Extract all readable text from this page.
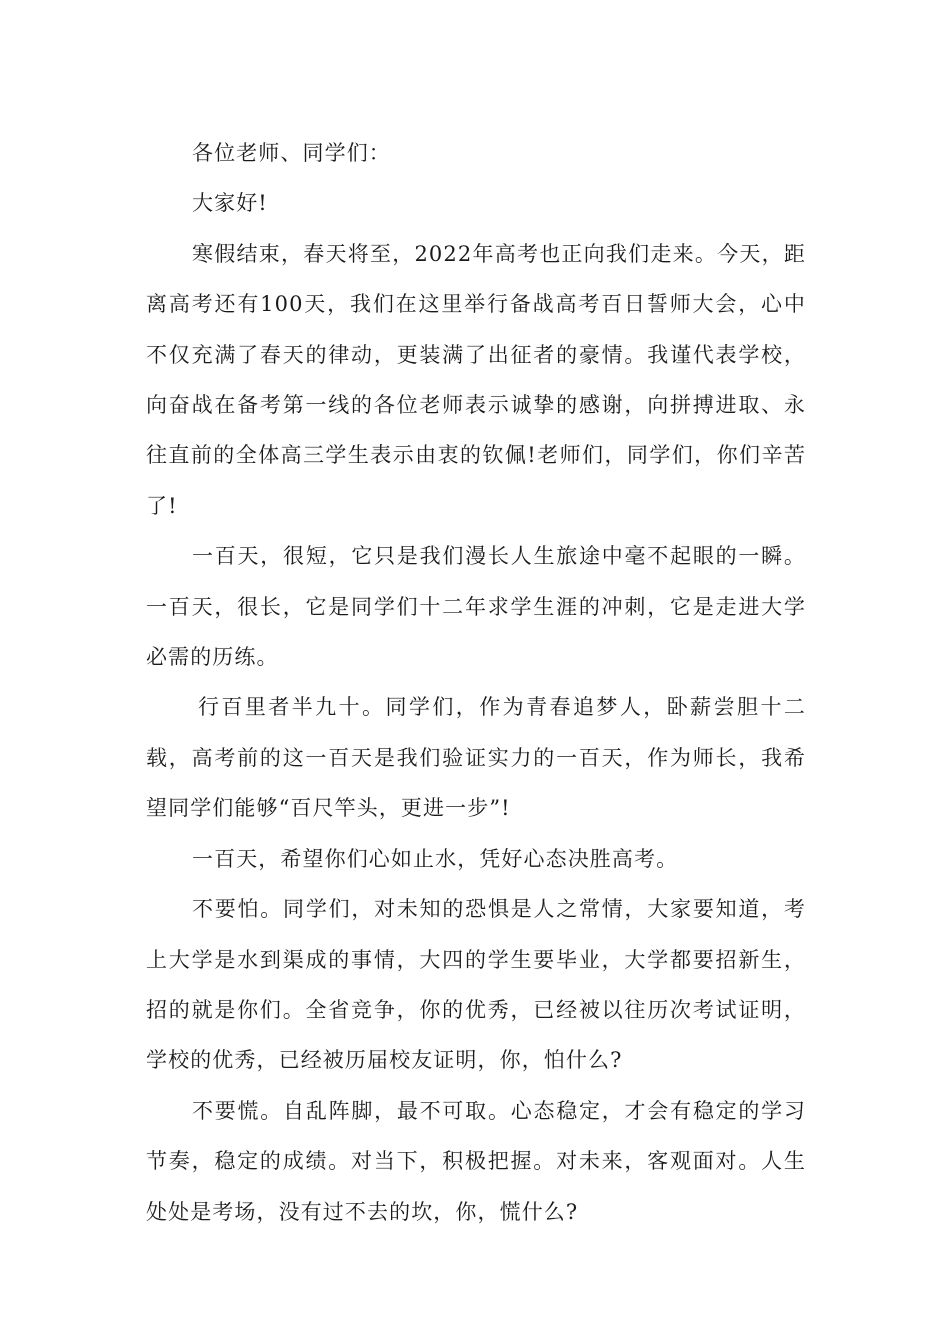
各位老师、同学们：

大家好!

寒假结束，春天将至，2022年高考也正向我们走来。今天，距离高考还有100天，我们在这里举行备战高考百日誓师大会，心中不仅充满了春天的律动，更装满了出征者的豪情。我谨代表学校，向奋战在备考第一线的各位老师表示诚挚的感谢，向拼搏进取、永往直前的全体高三学生表示由衷的钦佩!老师们，同学们，你们辛苦了!

一百天，很短，它只是我们漫长人生旅途中毫不起眼的一瞬。一百天，很长，它是同学们十二年求学生涯的冲刺，它是走进大学必需的历练。

行百里者半九十。同学们，作为青春追梦人，卧薪尝胆十二载，高考前的这一百天是我们验证实力的一百天，作为师长，我希望同学们能够“百尺竿头，更进一步”!

一百天，希望你们心如止水，凭好心态决胜高考。

不要怕。同学们，对未知的恐惧是人之常情，大家要知道，考上大学是水到渠成的事情，大四的学生要毕业，大学都要招新生，招的就是你们。全省竞争，你的优秀，已经被以往历次考试证明，学校的优秀，已经被历届校友证明，你，怕什么?

不要慌。自乱阵脚，最不可取。心态稳定，才会有稳定的学习节奏，稳定的成绩。对当下，积极把握。对未来，客观面对。人生处处是考场，没有过不去的坎，你，慌什么?
